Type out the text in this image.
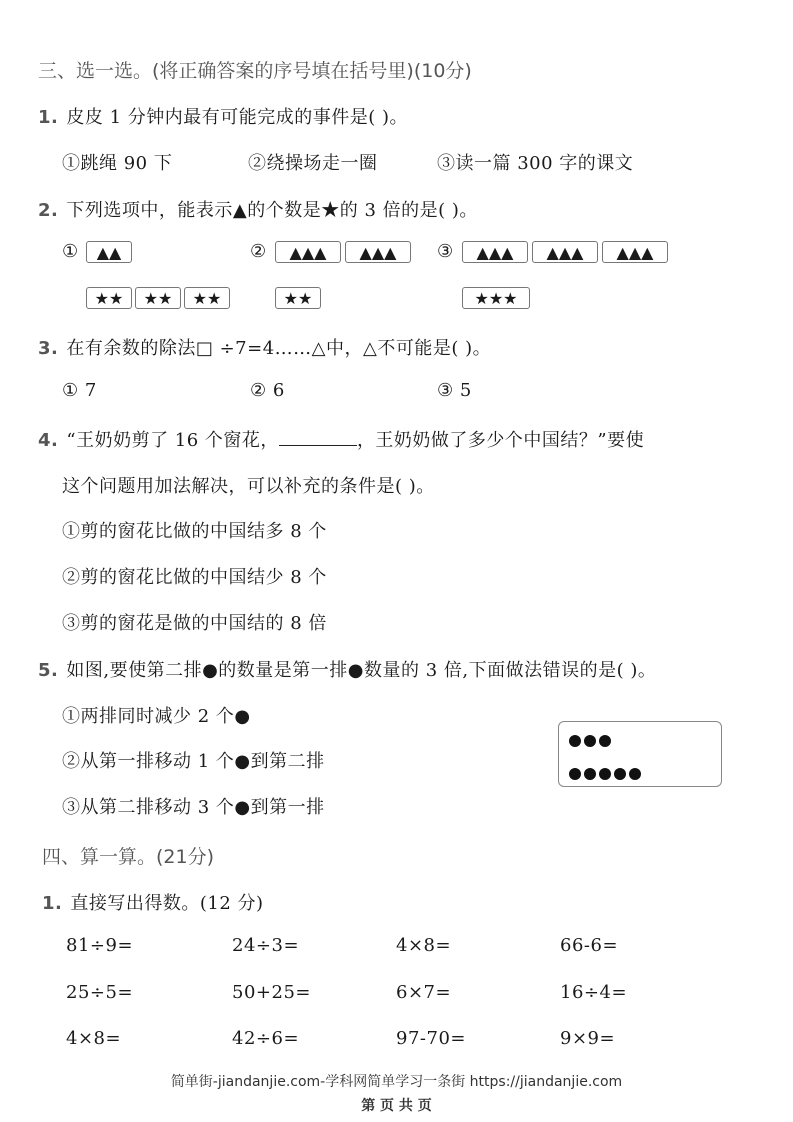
三、选一选。(将正确答案的序号填在括号里)(10分)
1. 皮皮 1 分钟内最有可能完成的事件是( )。
①跳绳 90 下	②绕操场走一圈	③读一篇 300 字的课文
2. 下列选项中，能表示▲的个数是★的 3 倍的是( )。
①	▲▲
★★	★★	★★
②	▲▲▲	▲▲▲
★★
③	▲▲▲	▲▲▲	▲▲▲
★★★
3. 在有余数的除法□ ÷7=4……△中，△不可能是( )。
① 7	② 6	③ 5
4. “王奶奶剪了 16 个窗花，	，王奶奶做了多少个中国结？”要使
这个问题用加法解决，可以补充的条件是( )。
①剪的窗花比做的中国结多 8 个
②剪的窗花比做的中国结少 8 个
③剪的窗花是做的中国结的 8 倍
5. 如图,要使第二排●的数量是第一排●数量的 3 倍,下面做法错误的是( )。
①两排同时减少 2 个●
②从第一排移动 1 个●到第二排
③从第二排移动 3 个●到第一排
四、算一算。(21分)
1. 直接写出得数。(12 分)
81÷9=	24÷3=	4×8=	66-6=
25÷5=	50+25=	6×7=	16÷4=
4×8=	42÷6=	97-70=	9×9=
简单街-jiandanjie.com-学科网简单学习一条街 https://jiandanjie.com
第 页 共 页
